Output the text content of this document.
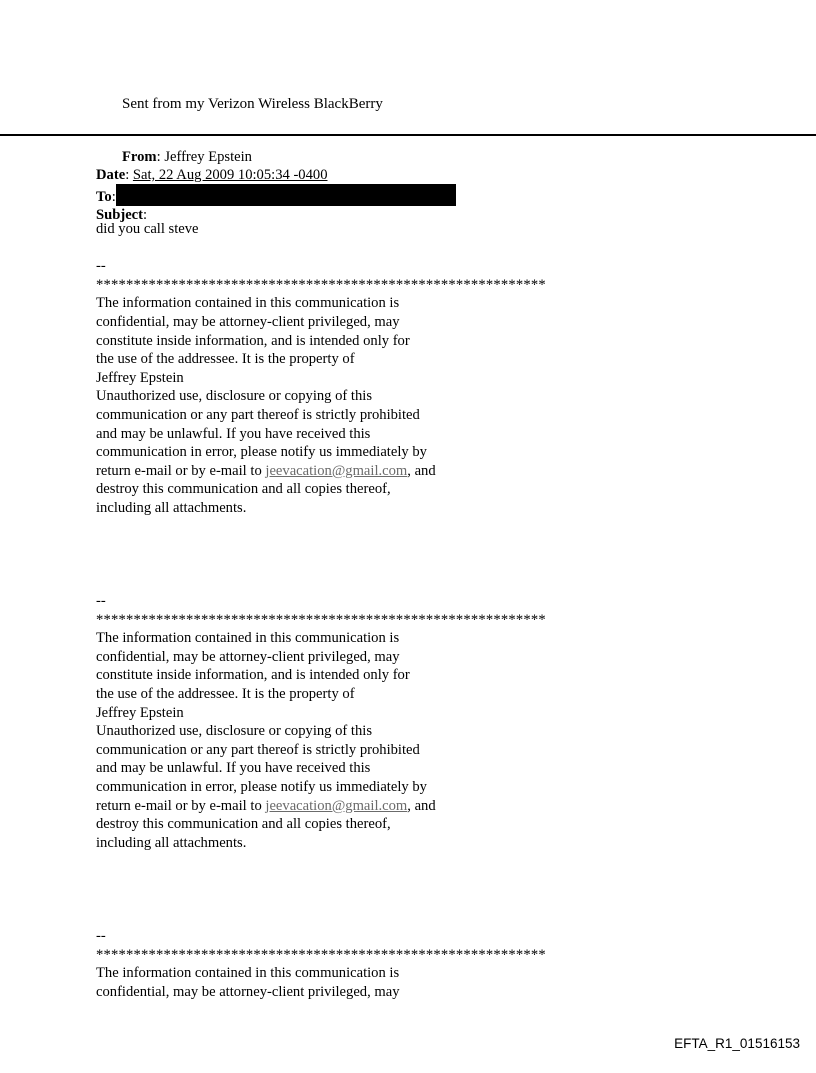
Sent from my Verizon Wireless BlackBerry
From: Jeffrey Epstein
Date: Sat, 22 Aug 2009 10:05:34 -0400
To:
Subject:
did you call steve
--
************************************************************
The information contained in this communication is
confidential, may be attorney-client privileged, may
constitute inside information, and is intended only for
the use of the addressee. It is the property of
Jeffrey Epstein
Unauthorized use, disclosure or copying of this
communication or any part thereof is strictly prohibited
and may be unlawful. If you have received this
communication in error, please notify us immediately by
return e-mail or by e-mail to jeevacation@gmail.com, and
destroy this communication and all copies thereof,
including all attachments.
--
************************************************************
The information contained in this communication is
confidential, may be attorney-client privileged, may
constitute inside information, and is intended only for
the use of the addressee. It is the property of
Jeffrey Epstein
Unauthorized use, disclosure or copying of this
communication or any part thereof is strictly prohibited
and may be unlawful. If you have received this
communication in error, please notify us immediately by
return e-mail or by e-mail to jeevacation@gmail.com, and
destroy this communication and all copies thereof,
including all attachments.
--
************************************************************
The information contained in this communication is
confidential, may be attorney-client privileged, may
EFTA_R1_01516153
